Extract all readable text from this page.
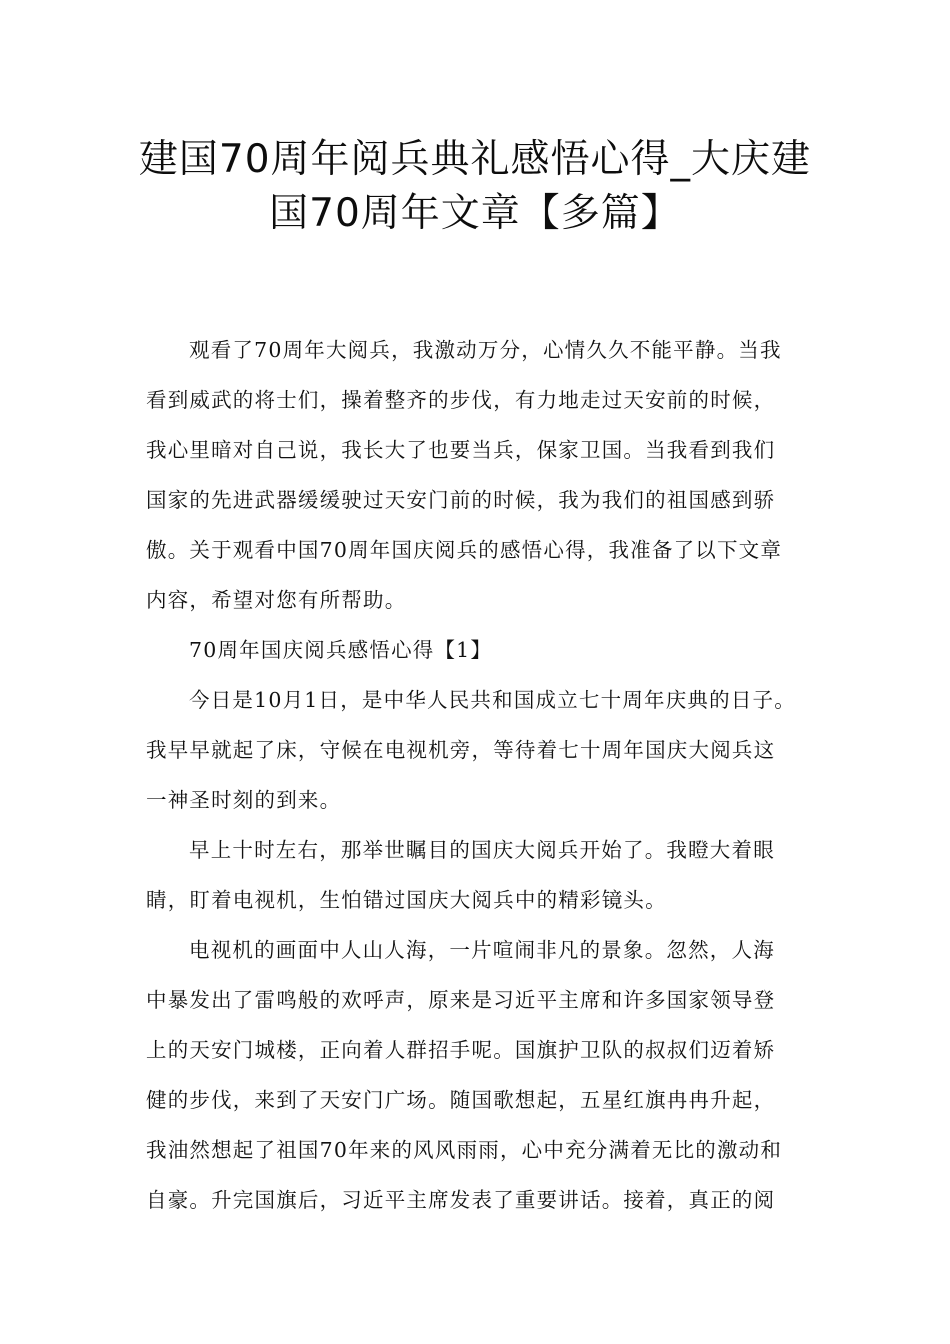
建国70周年阅兵典礼感悟心得_大庆建
国70周年文章【多篇】

观看了70周年大阅兵，我激动万分，心情久久不能平静。当我

看到威武的将士们，操着整齐的步伐，有力地走过天安前的时候，

我心里暗对自己说，我长大了也要当兵，保家卫国。当我看到我们

国家的先进武器缓缓驶过天安门前的时候，我为我们的祖国感到骄

傲。关于观看中国70周年国庆阅兵的感悟心得，我准备了以下文章

内容，希望对您有所帮助。

70周年国庆阅兵感悟心得【1】

今日是10月1日，是中华人民共和国成立七十周年庆典的日子。

我早早就起了床，守候在电视机旁，等待着七十周年国庆大阅兵这

一神圣时刻的到来。

早上十时左右，那举世瞩目的国庆大阅兵开始了。我瞪大着眼

睛，盯着电视机，生怕错过国庆大阅兵中的精彩镜头。

电视机的画面中人山人海，一片喧闹非凡的景象。忽然，人海

中暴发出了雷鸣般的欢呼声，原来是习近平主席和许多国家领导登

上的天安门城楼，正向着人群招手呢。国旗护卫队的叔叔们迈着矫

健的步伐，来到了天安门广场。随国歌想起，五星红旗冉冉升起，

我油然想起了祖国70年来的风风雨雨，心中充分满着无比的激动和

自豪。升完国旗后，习近平主席发表了重要讲话。接着，真正的阅
